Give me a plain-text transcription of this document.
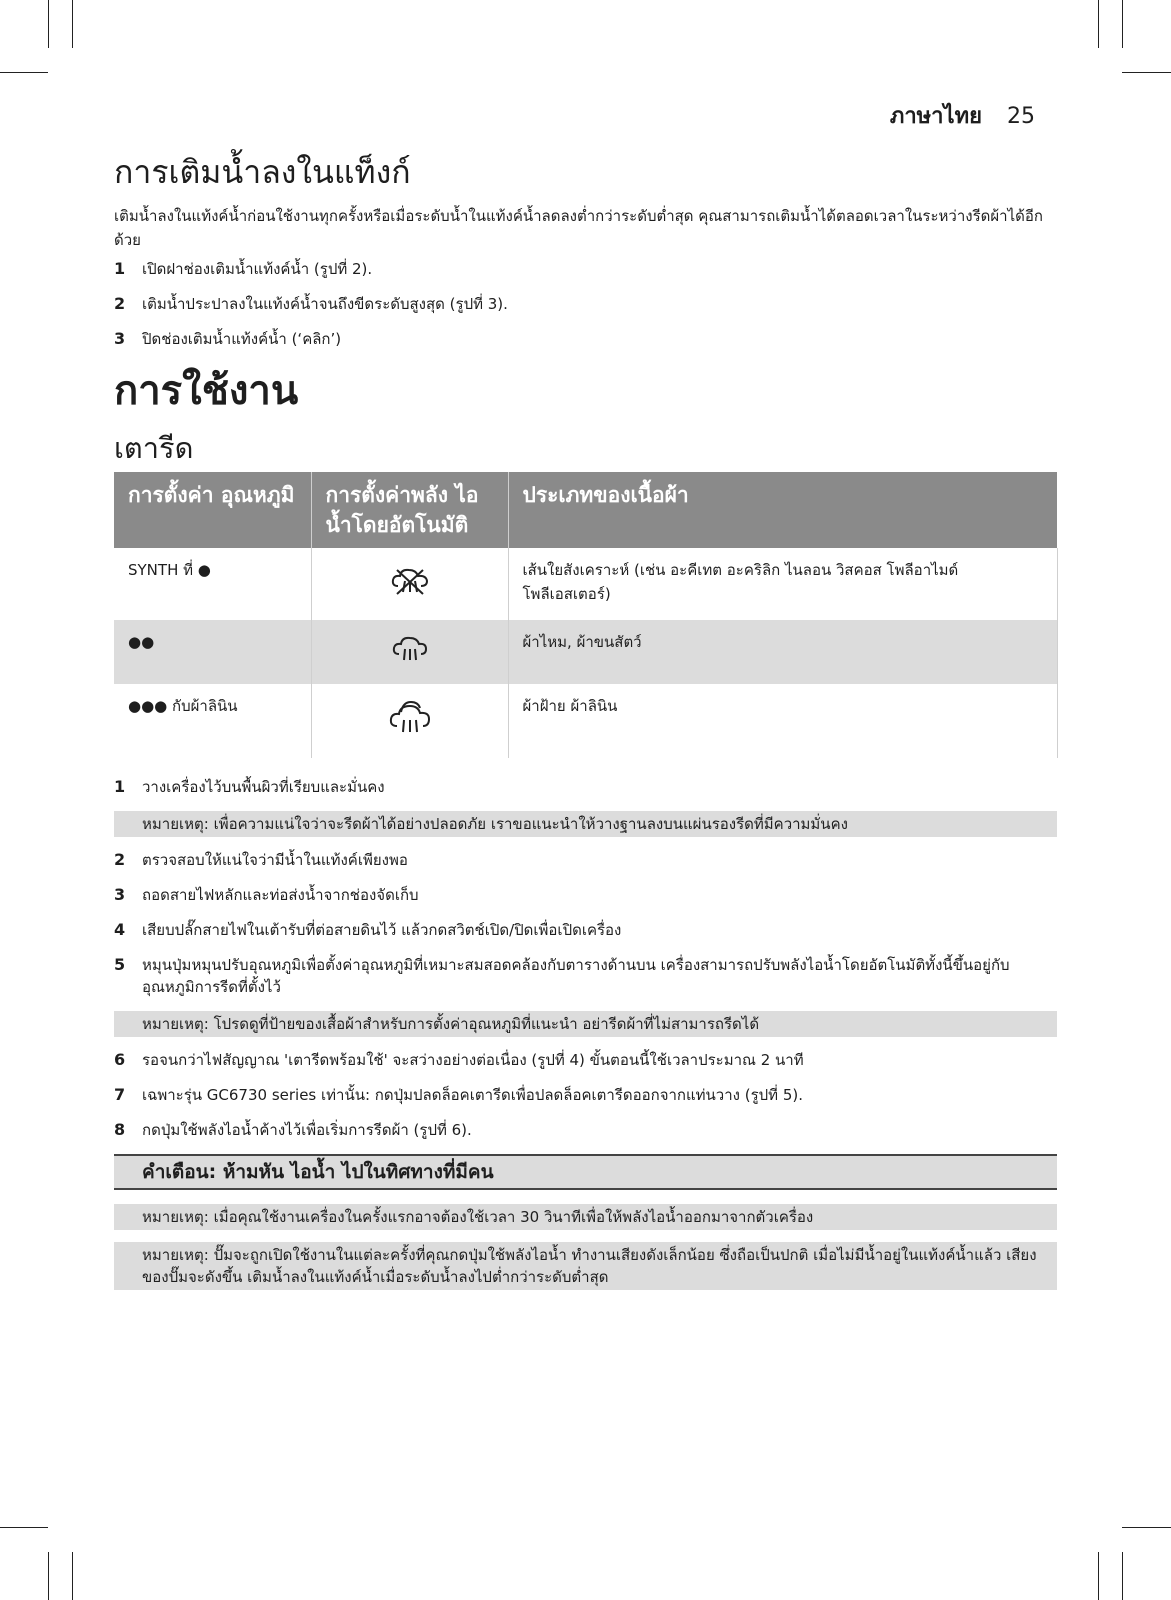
ภาษาไทย 25
การเติมน้ำลงในแท็งก์

เติมน้ำลงในแท้งค์น้ำก่อนใช้งานทุกครั้งหรือเมื่อระดับน้ำในแท้งค์น้ำลดลงต่ำกว่าระดับต่ำสุด คุณสามารถเติมน้ำได้ตลอดเวลาในระหว่างรีดผ้าได้อีกด้วย

1 เปิดฝาช่องเติมน้ำแท้งค์น้ำ (รูปที่ 2).
2 เติมน้ำประปาลงในแท้งค์น้ำจนถึงขีดระดับสูงสุด (รูปที่ 3).
3 ปิดช่องเติมน้ำแท้งค์น้ำ (‘คลิก’)
การใช้งาน
เตารีด
การตั้งค่า อุณหภูมิ	การตั้งค่าพลัง ไอน้ำโดยอัตโนมัติ	ประเภทของเนื้อผ้า
SYNTH ที่ ●		เส้นใยสังเคราะห์ (เช่น อะคีเทต อะคริลิก ไนลอน วิสคอส โพลีอาไมด์ โพลีเอสเตอร์)
●●		ผ้าไหม, ผ้าขนสัตว์
●●● กับผ้าลินิน		ผ้าฝ้าย ผ้าลินิน
1 วางเครื่องไว้บนพื้นผิวที่เรียบและมั่นคง
หมายเหตุ: เพื่อความแน่ใจว่าจะรีดผ้าได้อย่างปลอดภัย เราขอแนะนำให้วางฐานลงบนแผ่นรองรีดที่มีความมั่นคง
2 ตรวจสอบให้แน่ใจว่ามีน้ำในแท้งค์เพียงพอ
3 ถอดสายไฟหลักและท่อส่งน้ำจากช่องจัดเก็บ
4 เสียบปลั๊กสายไฟในเต้ารับที่ต่อสายดินไว้ แล้วกดสวิตช์เปิด/ปิดเพื่อเปิดเครื่อง
5 หมุนปุ่มหมุนปรับอุณหภูมิเพื่อตั้งค่าอุณหภูมิที่เหมาะสมสอดคล้องกับตารางด้านบน เครื่องสามารถปรับพลังไอน้ำโดยอัตโนมัติทั้งนี้ขึ้นอยู่กับอุณหภูมิการรีดที่ตั้งไว้
หมายเหตุ: โปรดดูที่ป้ายของเสื้อผ้าสำหรับการตั้งค่าอุณหภูมิที่แนะนำ อย่ารีดผ้าที่ไม่สามารถรีดได้
6 รอจนกว่าไฟสัญญาณ 'เตารีดพร้อมใช้' จะสว่างอย่างต่อเนื่อง (รูปที่ 4) ขั้นตอนนี้ใช้เวลาประมาณ 2 นาที
7 เฉพาะรุ่น GC6730 series เท่านั้น: กดปุ่มปลดล็อคเตารีดเพื่อปลดล็อคเตารีดออกจากแท่นวาง (รูปที่ 5).
8 กดปุ่มใช้พลังไอน้ำค้างไว้เพื่อเริ่มการรีดผ้า (รูปที่ 6).
คำเตือน: ห้ามหัน ไอน้ำ ไปในทิศทางที่มีคน
หมายเหตุ: เมื่อคุณใช้งานเครื่องในครั้งแรกอาจต้องใช้เวลา 30 วินาทีเพื่อให้พลังไอน้ำออกมาจากตัวเครื่อง
หมายเหตุ: ปั๊มจะถูกเปิดใช้งานในแต่ละครั้งที่คุณกดปุ่มใช้พลังไอน้ำ ทำงานเสียงดังเล็กน้อย ซึ่งถือเป็นปกติ เมื่อไม่มีน้ำอยู่ในแท้งค์น้ำแล้ว เสียงของปั๊มจะดังขึ้น เติมน้ำลงในแท้งค์น้ำเมื่อระดับน้ำลงไปต่ำกว่าระดับต่ำสุด
